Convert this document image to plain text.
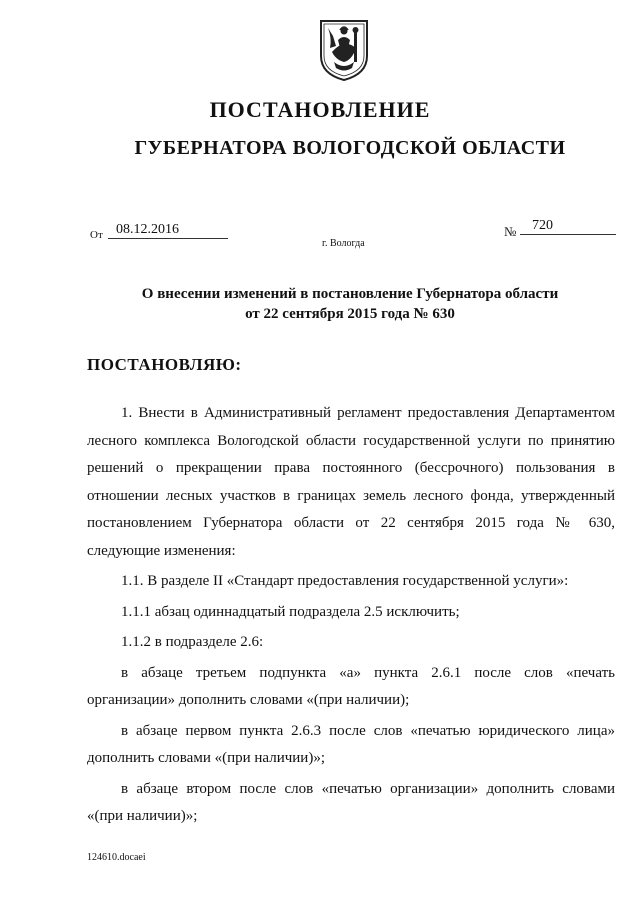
ПОСТАНОВЛЕНИЕ
ГУБЕРНАТОРА ВОЛОГОДСКОЙ ОБЛАСТИ
От 08.12.2016	№	720
г. Вологда
О внесении изменений в постановление Губернатора области
от 22 сентября 2015 года № 630
ПОСТАНОВЛЯЮ:

1. Внести в Административный регламент предоставления Департаментом лесного комплекса Вологодской области государственной услуги по принятию решений о прекращении права постоянного (бессрочного) пользования в отношении лесных участков в границах земель лесного фонда, утвержденный постановлением Губернатора области от 22 сентября 2015 года № 630, следующие изменения:

1.1. В разделе II «Стандарт предоставления государственной услуги»:

1.1.1 абзац одиннадцатый подраздела 2.5 исключить;

1.1.2 в подразделе 2.6:

в абзаце третьем подпункта «а» пункта 2.6.1 после слов «печать организации» дополнить словами «(при наличии);

в абзаце первом пункта 2.6.3 после слов «печатью юридического лица» дополнить словами «(при наличии)»;

в абзаце втором после слов «печатью организации» дополнить словами «(при наличии)»;

124610.docaei
